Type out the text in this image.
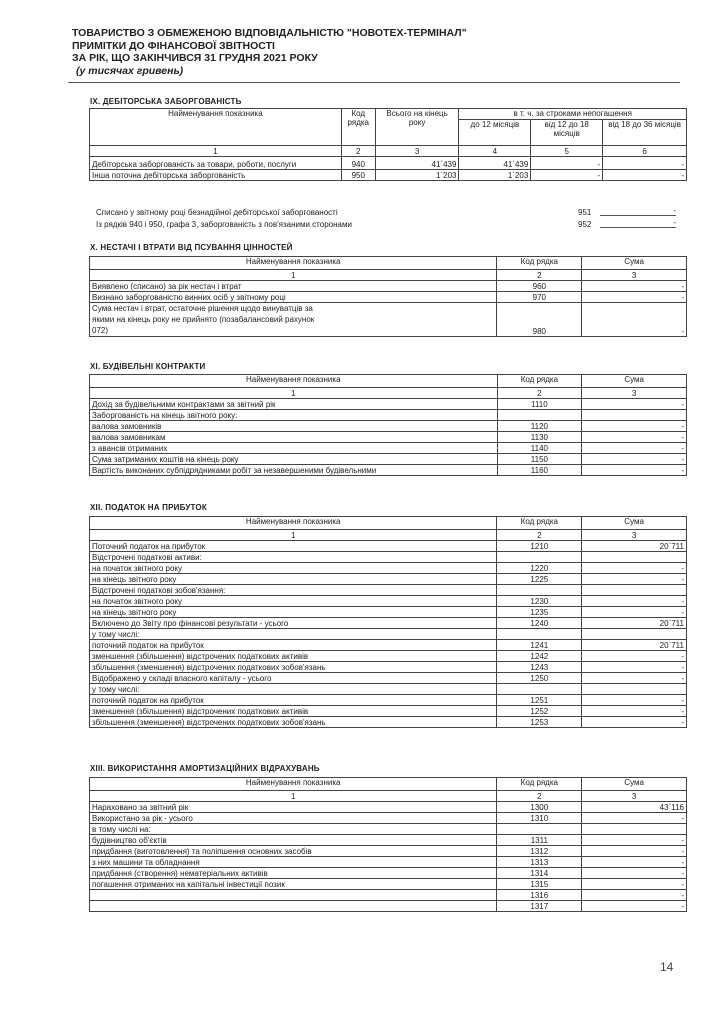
ТОВАРИСТВО З ОБМЕЖЕНОЮ ВІДПОВІДАЛЬНІСТЮ "НОВОТЕХ-ТЕРМІНАЛ"
ПРИМІТКИ ДО ФІНАНСОВОЇ ЗВІТНОСТІ
ЗА РІК, ЩО ЗАКІНЧИВСЯ 31 ГРУДНЯ 2021 РОКУ
(у тисячах гривень)
IX. ДЕБІТОРСЬКА ЗАБОРГОВАНІСТЬ
Найменування показника	Код рядка	Всього на кінець року	в т. ч. за строками непогашення		
			до 12 місяців	від 12 до 18 місяців	від 18 до 36 місяців
1	2	3	4	5	6
Дебіторська заборгованість за товари, роботи, послуги	940	41`439	41`439	-	-
Інша поточна дебіторська заборгованість	950	1`203	1`203	-	-
Списано у звітному році безнадійної дебіторської заборгованості	951	-
Із рядків 940 і 950, графа 3, заборгованість з пов'язаними сторонами	952	-
X. НЕСТАЧІ І ВТРАТИ ВІД ПСУВАННЯ ЦІННОСТЕЙ
Найменування показника	Код рядка	Сума
1	2	3
Виявлено (списано) за рік нестач і втрат	960	-
Визнано заборгованістю винних осіб у звітному році	970	-

Сума нестач і втрат, остаточне рішення щодо винуватців за
якими на кінець року не прийнято (позабалансовий рахунок
072)	980	-
XI. БУДІВЕЛЬНІ КОНТРАКТИ
Найменування показника	Код рядка	Сума
1	2	3
Дохід за будівельними контрактами за звітний рік	1110	-
Заборгованість на кінець звітного року:		
валова замовників	1120	-
валова замовникам	1130	-
з авансів отриманих	1140	-
Сума затриманих коштів на кінець року	1150	-
Вартість виконаних субпідрядниками робіт за незавершеними будівельними	1160	-
XII. ПОДАТОК НА ПРИБУТОК
Найменування показника	Код рядка	Сума
1	2	3
Поточний податок на прибуток	1210	20`711
Відстрочені податкові активи:		
на початок звітного року	1220	-
на кінець звітного року	1225	-
Відстрочені податкові зобов'язання:		
на початок звітного року	1230	-
на кінець звітного року	1235	-
Включено до Звіту про фінансові результати - усього	1240	20`711
у тому числі:		
поточний податок на прибуток	1241	20`711
зменшення (збільшення) відстрочених податкових активів	1242	-
збільшення (зменшення) відстрочених податкових зобов'язань	1243	-
Відображено у складі власного капіталу - усього	1250	-
у тому числі:		
поточний податок на прибуток	1251	-
зменшення (збільшення) відстрочених податкових активів	1252	-
збільшення (зменшення) відстрочених податкових зобов'язань	1253	-
XIII. ВИКОРИСТАННЯ АМОРТИЗАЦІЙНИХ ВІДРАХУВАНЬ
Найменування показника	Код рядка	Сума
1	2	3
Нараховано за звітний рік	1300	43`116
Використано за рік - усього	1310	-
в тому числі на:		
будівництво об'єктів	1311	-
придбання (виготовлення) та поліпшення основних засобів	1312	-
з них машини та обладнання	1313	-
придбання (створення) нематеріальних активів	1314	-
погашення отриманих на капітальні інвестиції позик	1315	-
	1316	-
	1317	-
14
